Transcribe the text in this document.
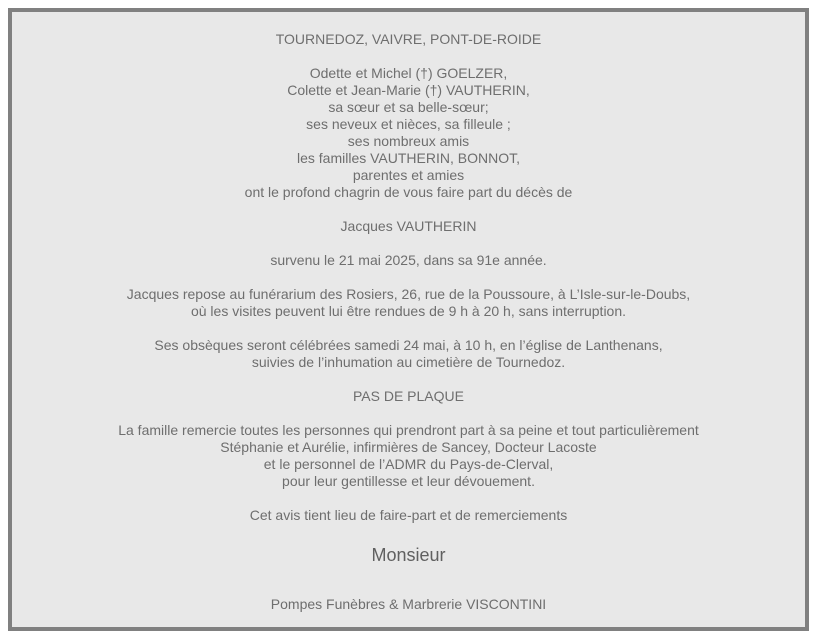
TOURNEDOZ, VAIVRE, PONT-DE-ROIDE
Odette et Michel (†) GOELZER,
Colette et Jean-Marie (†) VAUTHERIN,
sa sœur et sa belle-sœur;
ses neveux et nièces, sa filleule ;
ses nombreux amis
les familles VAUTHERIN, BONNOT,
parentes et amies
ont le profond chagrin de vous faire part du décès de
Jacques VAUTHERIN
survenu le 21 mai 2025, dans sa 91e année.
Jacques repose au funérarium des Rosiers, 26, rue de la Poussoure, à L’Isle-sur-le-Doubs,
où les visites peuvent lui être rendues de 9 h à 20 h, sans interruption.
Ses obsèques seront célébrées samedi 24 mai, à 10 h, en l’église de Lanthenans,
suivies de l’inhumation au cimetière de Tournedoz.
PAS DE PLAQUE
La famille remercie toutes les personnes qui prendront part à sa peine et tout particulièrement
Stéphanie et Aurélie, infirmières de Sancey, Docteur Lacoste
et le personnel de l’ADMR du Pays-de-Clerval,
pour leur gentillesse et leur dévouement.
Cet avis tient lieu de faire-part et de remerciements
Monsieur
Pompes Funèbres & Marbrerie VISCONTINI
